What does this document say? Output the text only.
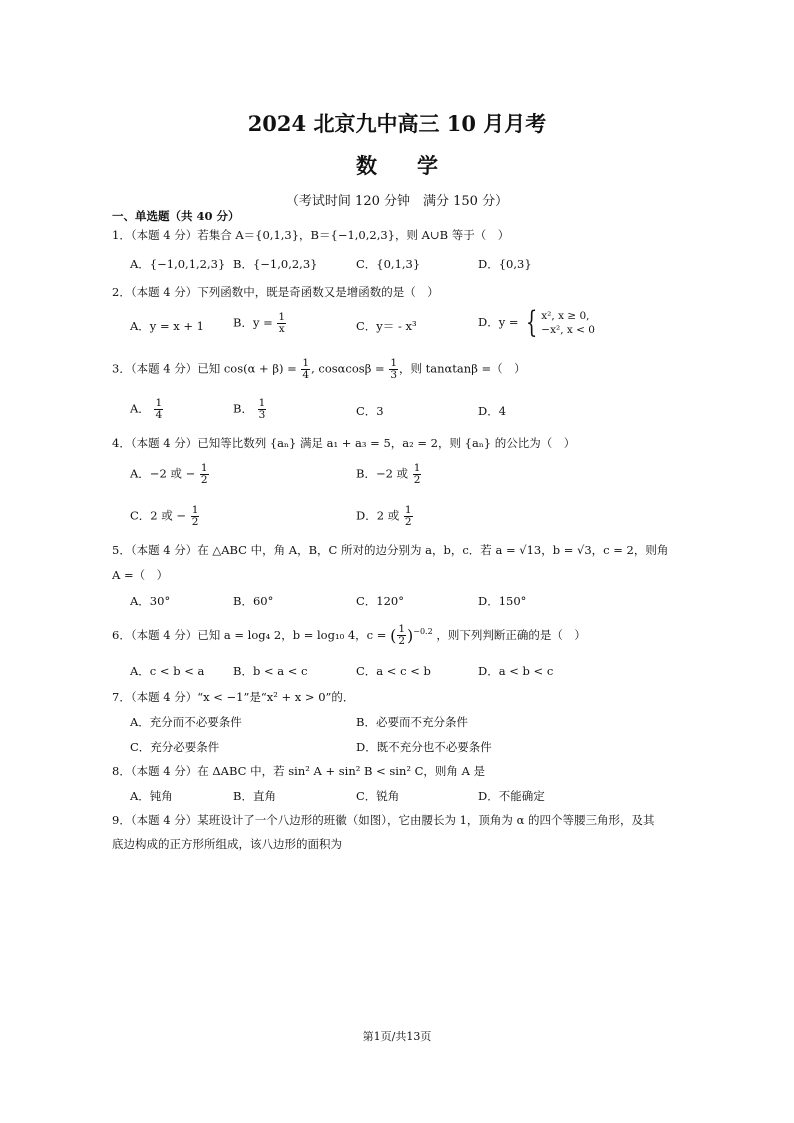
2024 北京九中高三 10 月月考
数学
（考试时间 120 分钟　满分 150 分）
一、单选题（共 40 分）
1．（本题 4 分）若集合 A＝{0,1,3}，B＝{−1,0,2,3}，则 A∪B 等于（　）
A．{−1,0,1,2,3} B．{−1,0,2,3}	C．{0,1,3}	D．{0,3}
2．（本题 4 分）下列函数中，既是奇函数又是增函数的是（　）
A．y = x + 1	B．$y = \frac{1}{x}$	C．y＝ - x³	D．y = { x², x ≥ 0,
−x², x < 0
3．（本题 4 分）已知 $\cos(\alpha + \beta) = \frac{1}{4}$ , $\cos\alpha\cos\beta = \frac{1}{3}$ ，则 tanαtanβ =（　）
A． $\frac{1}{4}$	B． $\frac{1}{3}$	C．3	D．4
4．（本题 4 分）已知等比数列 {aₙ} 满足 a₁ + a₃ = 5，a₂ = 2，则 {aₙ} 的公比为（　）
A．−2 或 − $\frac{1}{2}$	B．−2 或 $\frac{1}{2}$
C．2 或 − $\frac{1}{2}$	D．2 或 $\frac{1}{2}$
5．（本题 4 分）在 △ABC 中，角 A，B，C 所对的边分别为 a，b，c．若 a = √13，b = √3，c = 2，则角
A =（　）
A．30°	B．60°	C．120°	D．150°
6．（本题 4 分）已知 a = log₄ 2，b = log₁₀ 4，c = ( $\frac{1}{2} )^{-0.2}$ ，则下列判断正确的是（　）
A．c < b < a B．b < a < c	C．a < c < b	D．a < b < c
7．（本题 4 分）“x < −1”是“x² + x > 0”的．
A．充分而不必要条件	B．必要而不充分条件
C．充分必要条件	D．既不充分也不必要条件
8．（本题 4 分）在 ΔABC 中，若 sin² A + sin² B < sin² C，则角 A 是
A．钝角	B．直角	C．锐角	D．不能确定
9．（本题 4 分）某班设计了一个八边形的班徽（如图），它由腰长为 1，顶角为 α 的四个等腰三角形，及其
底边构成的正方形所组成，该八边形的面积为
第1页/共13页
